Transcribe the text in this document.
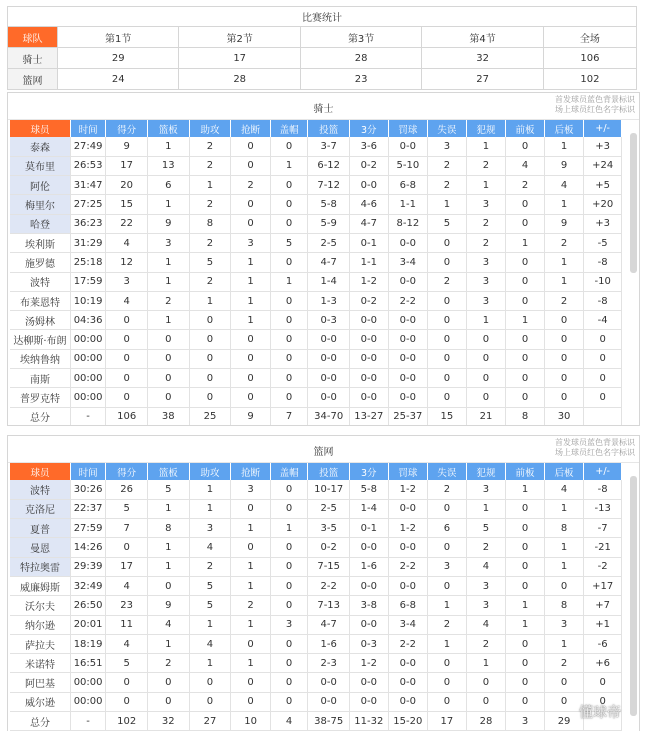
比赛统计					
球队	第1节	第2节	第3节	第4节	全场
骑士	29	17	28	32	106
篮网	24	28	23	27	102
骑士
首发球员蓝色背景标识
场上球员红色名字标识
球员	时间	得分	篮板	助攻	抢断	盖帽	投篮	3分	罚球	失误	犯规	前板	后板	+/-
泰森	27:49	9	1	2	0	0	3-7	3-6	0-0	3	1	0	1	+3
莫布里	26:53	17	13	2	0	1	6-12	0-2	5-10	2	2	4	9	+24
阿伦	31:47	20	6	1	2	0	7-12	0-0	6-8	2	1	2	4	+5
梅里尔	27:25	15	1	2	0	0	5-8	4-6	1-1	1	3	0	1	+20
哈登	36:23	22	9	8	0	0	5-9	4-7	8-12	5	2	0	9	+3
埃利斯	31:29	4	3	2	3	5	2-5	0-1	0-0	0	2	1	2	-5
施罗德	25:18	12	1	5	1	0	4-7	1-1	3-4	0	3	0	1	-8
波特	17:59	3	1	2	1	1	1-4	1-2	0-0	2	3	0	1	-10
布莱恩特	10:19	4	2	1	1	0	1-3	0-2	2-2	0	3	0	2	-8
汤姆林	04:36	0	1	0	1	0	0-3	0-0	0-0	0	1	1	0	-4
达柳斯·布朗	00:00	0	0	0	0	0	0-0	0-0	0-0	0	0	0	0	0
埃纳鲁纳	00:00	0	0	0	0	0	0-0	0-0	0-0	0	0	0	0	0
南斯	00:00	0	0	0	0	0	0-0	0-0	0-0	0	0	0	0	0
普罗克特	00:00	0	0	0	0	0	0-0	0-0	0-0	0	0	0	0	0
总分	-	106	38	25	9	7	34-70	13-27	25-37	15	21	8	30	
篮网
首发球员蓝色背景标识
场上球员红色名字标识
球员	时间	得分	篮板	助攻	抢断	盖帽	投篮	3分	罚球	失误	犯规	前板	后板	+/-
波特	30:26	26	5	1	3	0	10-17	5-8	1-2	2	3	1	4	-8
克洛尼	22:37	5	1	1	0	0	2-5	1-4	0-0	0	1	0	1	-13
夏普	27:59	7	8	3	1	1	3-5	0-1	1-2	6	5	0	8	-7
曼恩	14:26	0	1	4	0	0	0-2	0-0	0-0	0	2	0	1	-21
特拉奥雷	29:39	17	1	2	1	0	7-15	1-6	2-2	3	4	0	1	-2
威廉姆斯	32:49	4	0	5	1	0	2-2	0-0	0-0	0	3	0	0	+17
沃尔夫	26:50	23	9	5	2	0	7-13	3-8	6-8	1	3	1	8	+7
纳尔逊	20:01	11	4	1	1	3	4-7	0-0	3-4	2	4	1	3	+1
萨拉夫	18:19	4	1	4	0	0	1-6	0-3	2-2	1	2	0	1	-6
米诺特	16:51	5	2	1	1	0	2-3	1-2	0-0	0	1	0	2	+6
阿巴基	00:00	0	0	0	0	0	0-0	0-0	0-0	0	0	0	0	0
威尔逊	00:00	0	0	0	0	0	0-0	0-0	0-0	0	0	0	0	0
总分	-	102	32	27	10	4	38-75	11-32	15-20	17	28	3	29	
懂球帝
